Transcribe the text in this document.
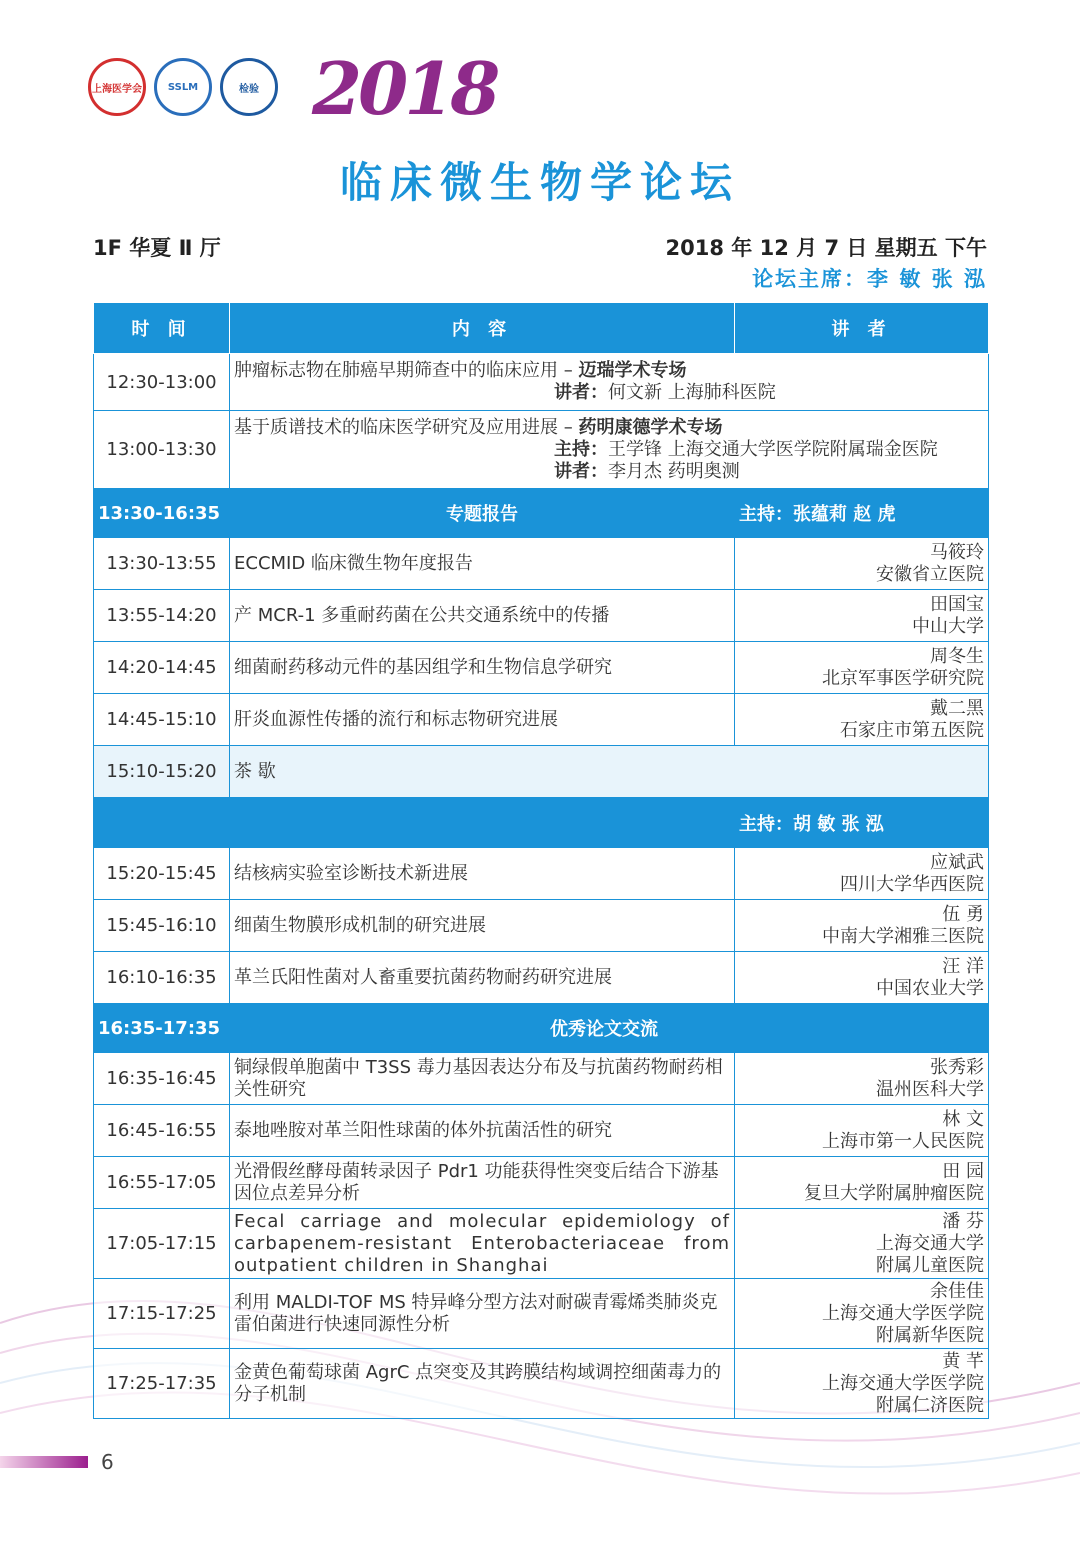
上海医学会	SSLM	检验 2018
临床微生物学论坛
1F 华夏 Ⅱ 厅	2018 年 12 月 7 日 星期五 下午
论坛主席：李 敏 张 泓
时 间	内 容	讲 者
12:30-13:00	肿瘤标志物在肺癌早期筛查中的临床应用 – 迈瑞学术专场
讲者：何文新 上海肺科医院	

13:00-13:30	基于质谱技术的临床医学研究及应用进展 – 药明康德学术专场
主持：王学锋 上海交通大学医学院附属瑞金医院
讲者：李月杰 药明奥测	

13:30-16:35	专题报告	主持：张蕴莉 赵 虎
13:30-13:55	ECCMID 临床微生物年度报告	马筱玲
安徽省立医院

13:55-14:20	产 MCR-1 多重耐药菌在公共交通系统中的传播	田国宝
中山大学

14:20-14:45	细菌耐药移动元件的基因组学和生物信息学研究	周冬生
北京军事医学研究院

14:45-15:10	肝炎血源性传播的流行和标志物研究进展	戴二黑
石家庄市第五医院

15:10-15:20	茶 歇	
		主持：胡 敏 张 泓
15:20-15:45	结核病实验室诊断技术新进展	应斌武
四川大学华西医院

15:45-16:10	细菌生物膜形成机制的研究进展	伍 勇
中南大学湘雅三医院

16:10-16:35	革兰氏阳性菌对人畜重要抗菌药物耐药研究进展	汪 洋
中国农业大学

16:35-17:35	优秀论文交流	
16:35-16:45	铜绿假单胞菌中 T3SS 毒力基因表达分布及与抗菌药物耐药相关性研究	张秀彩
温州医科大学

16:45-16:55	泰地唑胺对革兰阳性球菌的体外抗菌活性的研究	林 文
上海市第一人民医院

16:55-17:05	光滑假丝酵母菌转录因子 Pdr1 功能获得性突变后结合下游基因位点差异分析	田 园
复旦大学附属肿瘤医院

17:05-17:15	Fecal carriage and molecular epidemiology of carbapenem-resistant Enterobacteriaceae from outpatient children in Shanghai	潘 芬
上海交通大学
附属儿童医院

17:15-17:25	利用 MALDI-TOF MS 特异峰分型方法对耐碳青霉烯类肺炎克雷伯菌进行快速同源性分析	余佳佳
上海交通大学医学院
附属新华医院

17:25-17:35	金黄色葡萄球菌 AgrC 点突变及其跨膜结构域调控细菌毒力的分子机制	黄 芊
上海交通大学医学院
附属仁济医院
6
